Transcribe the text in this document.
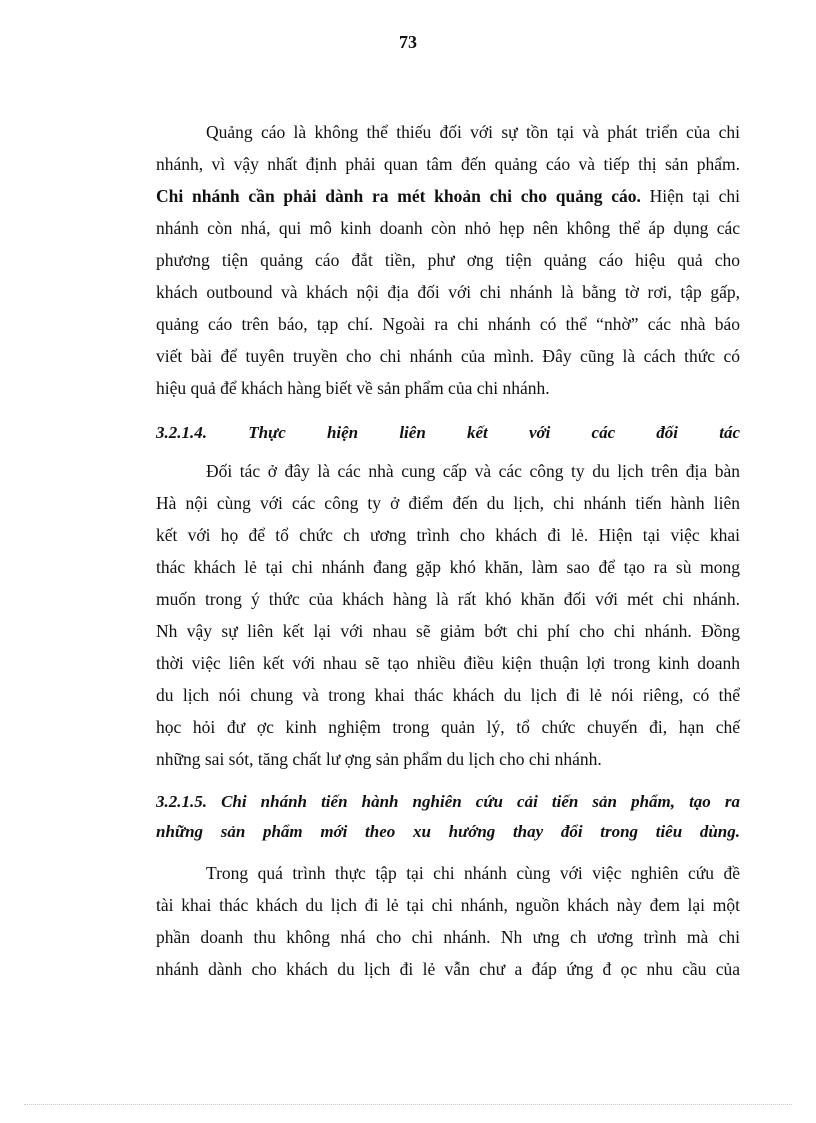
73
Quảng cáo là không thể thiếu đối với sự tồn tại và phát triển của chi
nhánh, vì vậy nhất định phải quan tâm đến quảng cáo và tiếp thị sản phẩm.
Chi nhánh cần phải dành ra mét khoản chi cho quảng cáo. Hiện tại chi
nhánh còn nhá, qui mô kinh doanh còn nhỏ hẹp nên không thể áp dụng các
phương tiện quảng cáo đắt tiền, phư ơng tiện quảng cáo hiệu quả cho
khách outbound và khách nội địa đối với chi nhánh là bằng tờ rơi, tập gấp,
quảng cáo trên báo, tạp chí. Ngoài ra chi nhánh có thể “nhờ” các nhà báo
viết bài để tuyên truyền cho chi nhánh của mình. Đây cũng là cách thức có
hiệu quả để khách hàng biết về sản phẩm của chi nhánh.
3.2.1.4. Thực hiện liên kết với các đối tác
Đối tác ở đây là các nhà cung cấp và các công ty du lịch trên địa bàn
Hà nội cùng với các công ty ở điểm đến du lịch, chi nhánh tiến hành liên
kết với họ để tổ chức ch ương trình cho khách đi lẻ. Hiện tại việc khai
thác khách lẻ tại chi nhánh đang gặp khó khăn, làm sao để tạo ra sù mong
muốn trong ý thức của khách hàng là rất khó khăn đối với mét chi nhánh.
Nh vậy sự liên kết lại với nhau sẽ giảm bớt chi phí cho chi nhánh. Đồng
thời việc liên kết với nhau sẽ tạo nhiều điều kiện thuận lợi trong kinh doanh
du lịch nói chung và trong khai thác khách du lịch đi lẻ nói riêng, có thể
học hỏi đư ợc kinh nghiệm trong quản lý, tổ chức chuyến đi, hạn chế
những sai sót, tăng chất lư ợng sản phẩm du lịch cho chi nhánh.
3.2.1.5. Chi nhánh tiến hành nghiên cứu cải tiến sản phẩm, tạo ra
những sản phẩm mới theo xu hướng thay đổi trong tiêu dùng.
Trong quá trình thực tập tại chi nhánh cùng với việc nghiên cứu đề
tài khai thác khách du lịch đi lẻ tại chi nhánh, nguồn khách này đem lại một
phần doanh thu không nhá cho chi nhánh. Nh ưng ch ương trình mà chi
nhánh dành cho khách du lịch đi lẻ vẫn chư a đáp ứng đ ọc nhu cầu của
